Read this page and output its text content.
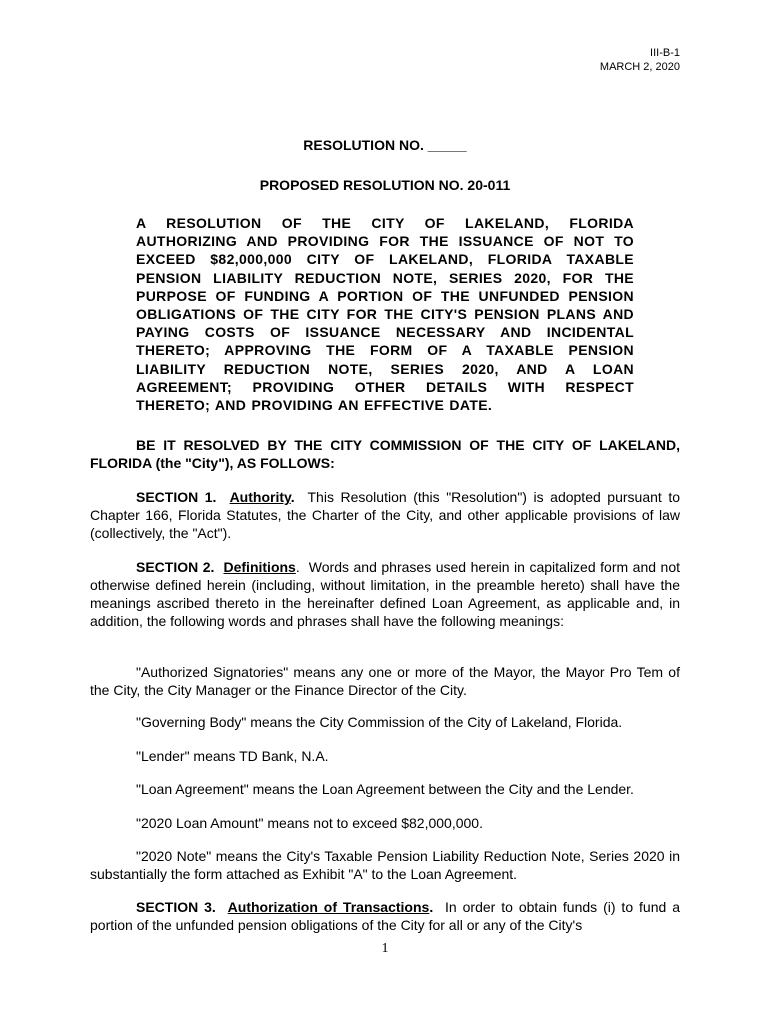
III-B-1
MARCH 2, 2020
RESOLUTION NO. _____
PROPOSED RESOLUTION NO. 20-011
A RESOLUTION OF THE CITY OF LAKELAND, FLORIDA AUTHORIZING AND PROVIDING FOR THE ISSUANCE OF NOT TO EXCEED $82,000,000 CITY OF LAKELAND, FLORIDA TAXABLE PENSION LIABILITY REDUCTION NOTE, SERIES 2020, FOR THE PURPOSE OF FUNDING A PORTION OF THE UNFUNDED PENSION OBLIGATIONS OF THE CITY FOR THE CITY'S PENSION PLANS AND PAYING COSTS OF ISSUANCE NECESSARY AND INCIDENTAL THERETO; APPROVING THE FORM OF A TAXABLE PENSION LIABILITY REDUCTION NOTE, SERIES 2020, AND A LOAN AGREEMENT; PROVIDING OTHER DETAILS WITH RESPECT THERETO; AND PROVIDING AN EFFECTIVE DATE.

BE IT RESOLVED BY THE CITY COMMISSION OF THE CITY OF LAKELAND, FLORIDA (the "City"), AS FOLLOWS:

SECTION 1. Authority. This Resolution (this "Resolution") is adopted pursuant to Chapter 166, Florida Statutes, the Charter of the City, and other applicable provisions of law (collectively, the "Act").

SECTION 2. Definitions.  Words and phrases used herein in capitalized form and not otherwise defined herein (including, without limitation, in the preamble hereto) shall have the meanings ascribed thereto in the hereinafter defined Loan Agreement, as applicable and, in addition, the following words and phrases shall have the following meanings:

"Authorized Signatories" means any one or more of the Mayor, the Mayor Pro Tem of the City, the City Manager or the Finance Director of the City.

"Governing Body" means the City Commission of the City of Lakeland, Florida.

"Lender" means TD Bank, N.A.

"Loan Agreement" means the Loan Agreement between the City and the Lender.

"2020 Loan Amount" means not to exceed $82,000,000.

"2020 Note" means the City's Taxable Pension Liability Reduction Note, Series 2020 in substantially the form attached as Exhibit "A" to the Loan Agreement.

SECTION 3. Authorization of Transactions. In order to obtain funds (i) to fund a portion of the unfunded pension obligations of the City for all or any of the City's

1
